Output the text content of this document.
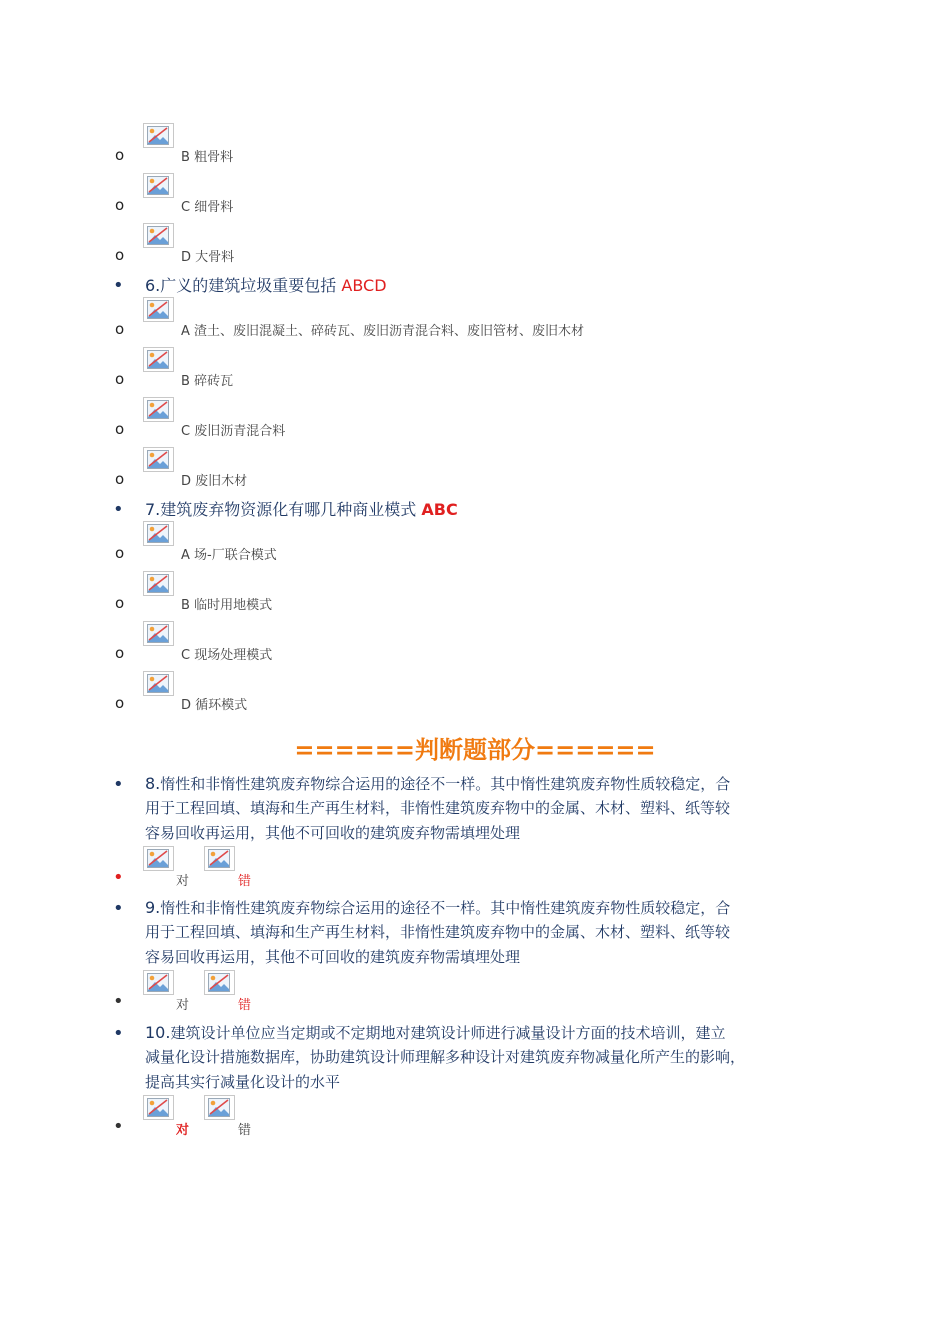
o	B 粗骨料
o	C 细骨料
o	D 大骨料
• 6.广义的建筑垃圾重要包括 ABCD
o	A 渣土、废旧混凝土、碎砖瓦、废旧沥青混合料、废旧管材、废旧木材
o	B 碎砖瓦
o	C 废旧沥青混合料
o	D 废旧木材
• 7.建筑废弃物资源化有哪几种商业模式 ABC
o	A 场-厂联合模式
o	B 临时用地模式
o	C 现场处理模式
o	D 循环模式
======判断题部分======
• 8.惰性和非惰性建筑废弃物综合运用的途径不一样。其中惰性建筑废弃物性质较稳定，合
用于工程回填、填海和生产再生材料，非惰性建筑废弃物中的金属、木材、塑料、纸等较
容易回收再运用，其他不可回收的建筑废弃物需填埋处理
•	对	错
• 9.惰性和非惰性建筑废弃物综合运用的途径不一样。其中惰性建筑废弃物性质较稳定，合
用于工程回填、填海和生产再生材料，非惰性建筑废弃物中的金属、木材、塑料、纸等较
容易回收再运用，其他不可回收的建筑废弃物需填埋处理
•	对	错
• 10.建筑设计单位应当定期或不定期地对建筑设计师进行减量设计方面的技术培训，建立
减量化设计措施数据库，协助建筑设计师理解多种设计对建筑废弃物减量化所产生的影响，
提高其实行减量化设计的水平
•	对	错
